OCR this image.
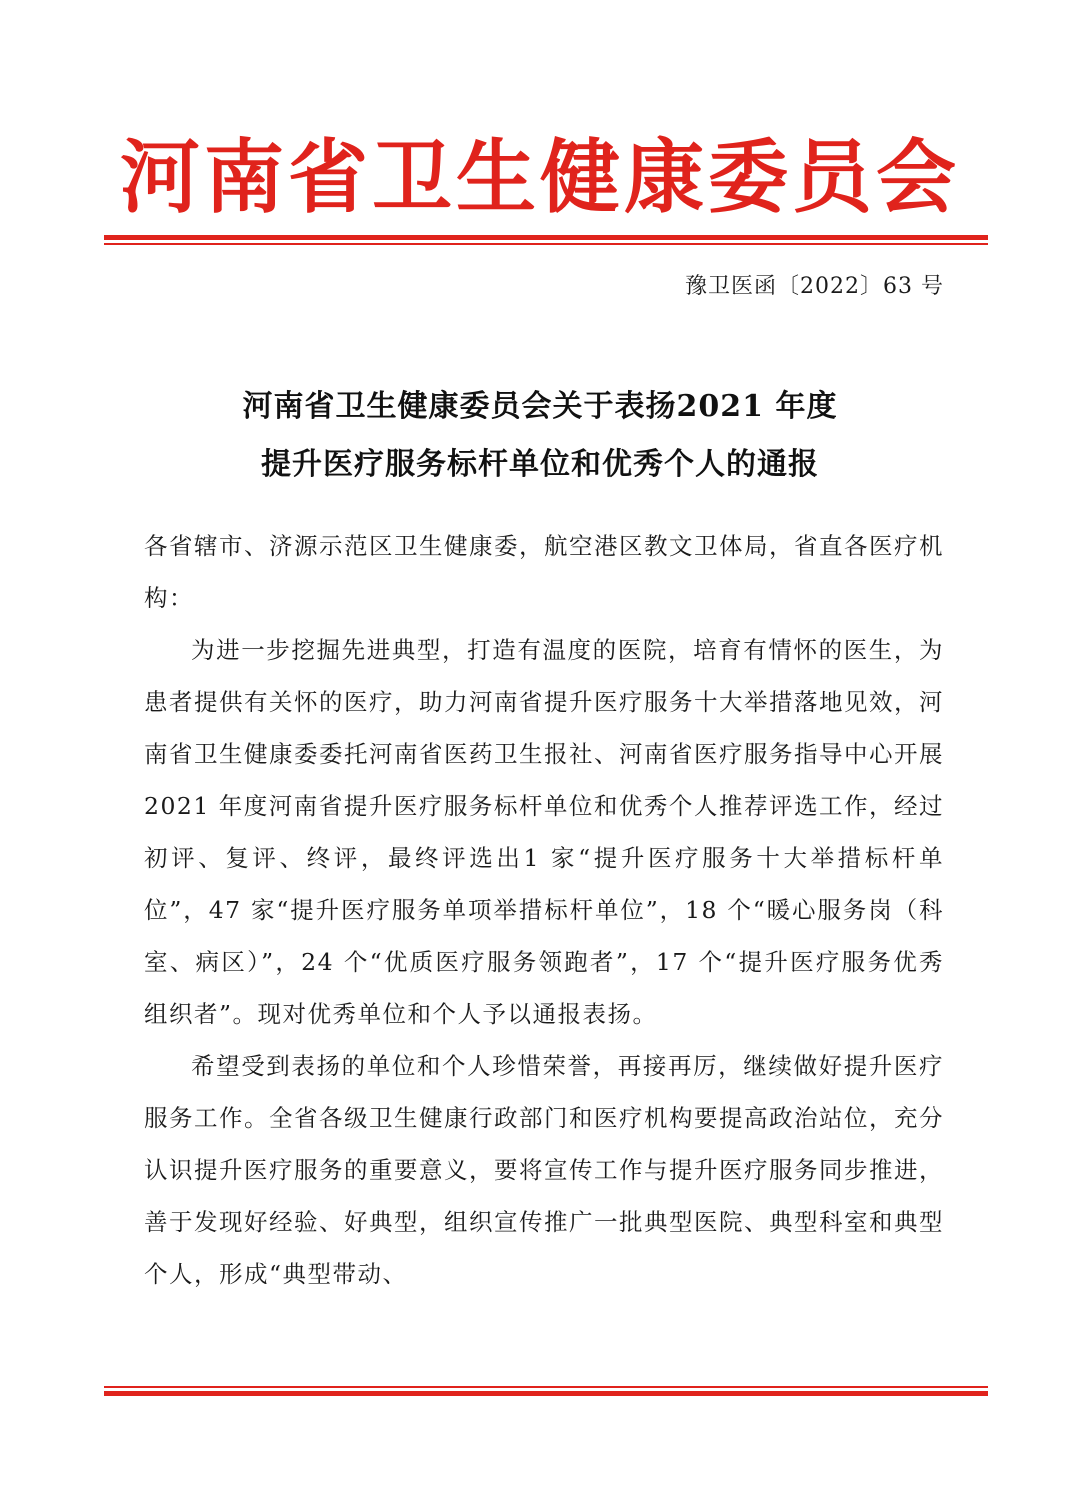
河南省卫生健康委员会
豫卫医函〔2022〕63 号
河南省卫生健康委员会关于表扬2021 年度
提升医疗服务标杆单位和优秀个人的通报

各省辖市、济源示范区卫生健康委，航空港区教文卫体局，省直各医疗机构：

为进一步挖掘先进典型，打造有温度的医院，培育有情怀的医生，为患者提供有关怀的医疗，助力河南省提升医疗服务十大举措落地见效，河南省卫生健康委委托河南省医药卫生报社、河南省医疗服务指导中心开展2021 年度河南省提升医疗服务标杆单位和优秀个人推荐评选工作，经过初评、复评、终评，最终评选出1 家“提升医疗服务十大举措标杆单位”，47 家“提升医疗服务单项举措标杆单位”，18 个“暖心服务岗（科室、病区）”，24 个“优质医疗服务领跑者”，17 个“提升医疗服务优秀组织者”。现对优秀单位和个人予以通报表扬。

希望受到表扬的单位和个人珍惜荣誉，再接再厉，继续做好提升医疗服务工作。全省各级卫生健康行政部门和医疗机构要提高政治站位，充分认识提升医疗服务的重要意义，要将宣传工作与提升医疗服务同步推进，善于发现好经验、好典型，组织宣传推广一批典型医院、典型科室和典型个人，形成“典型带动、
